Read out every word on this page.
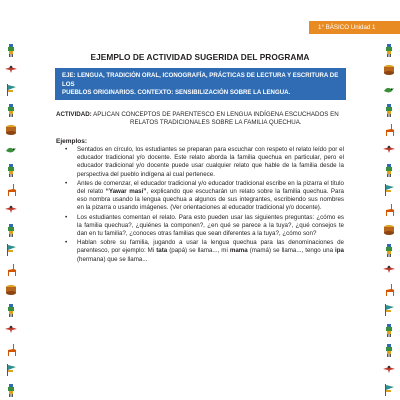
1° BÁSICO Unidad 1
EJEMPLO DE ACTIVIDAD SUGERIDA DEL PROGRAMA
EJE: LENGUA, TRADICIÓN ORAL, ICONOGRAFÍA, PRÁCTICAS DE LECTURA Y ESCRITURA DE LOS
PUEBLOS ORIGINARIOS. CONTEXTO: SENSIBILIZACIÓN SOBRE LA LENGUA.
ACTIVIDAD: APLICAN CONCEPTOS DE PARENTESCO EN LENGUA INDÍGENA ESCUCHADOS EN
RELATOS TRADICIONALES SOBRE LA FAMILIA QUECHUA.
Ejemplos:
• Sentados en círculo, los estudiantes se preparan para escuchar con respeto el relato leído por el educador tradicional y/o docente. Este relato aborda la familia quechua en particular, pero el educador tradicional y/o docente puede usar cualquier relato que hable de la familia desde la perspectiva del pueblo indígena al cual pertenece.
• Antes de comenzar, el educador tradicional y/o educador tradicional escribe en la pizarra el título del relato “Yawar masi”, explicando que escucharán un relato sobre la familia quechua. Para eso nombra usando la lengua quechua a algunos de sus integrantes, escribiendo sus nombres en la pizarra o usando imágenes. (Ver orientaciones al educador tradicional y/o docente).
• Los estudiantes comentan el relato. Para esto pueden usar las siguientes preguntas: ¿cómo es la familia quechua?, ¿quiénes la componen?, ¿en qué se parece a la tuya?, ¿qué consejos te dan en tu familia?, ¿conoces otras familias que sean diferentes a la tuya?, ¿cómo son?
• Hablan sobre su familia, jugando a usar la lengua quechua para las denominaciones de parentesco, por ejemplo: Mi tata (papá) se llama..., mi mama (mamá) se llama..., tengo una ipa (hermana) que se llama...
